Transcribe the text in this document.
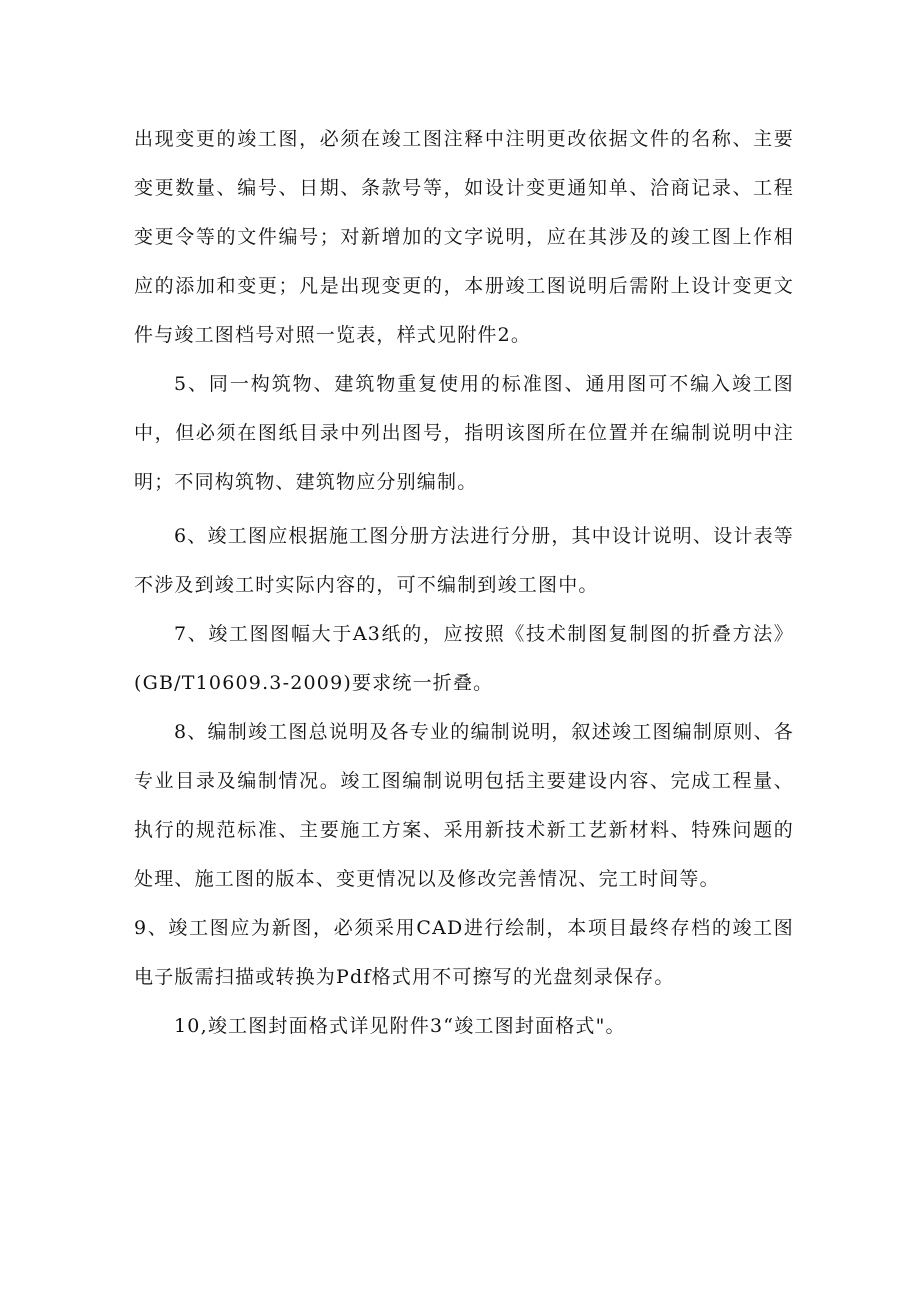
出现变更的竣工图，必须在竣工图注释中注明更改依据文件的名称、主要变更数量、编号、日期、条款号等，如设计变更通知单、洽商记录、工程变更令等的文件编号；对新增加的文字说明，应在其涉及的竣工图上作相应的添加和变更；凡是出现变更的，本册竣工图说明后需附上设计变更文件与竣工图档号对照一览表，样式见附件2。

5、同一构筑物、建筑物重复使用的标准图、通用图可不编入竣工图中，但必须在图纸目录中列出图号，指明该图所在位置并在编制说明中注明；不同构筑物、建筑物应分别编制。

6、竣工图应根据施工图分册方法进行分册，其中设计说明、设计表等不涉及到竣工时实际内容的，可不编制到竣工图中。

7、竣工图图幅大于A3纸的，应按照《技术制图复制图的折叠方法》(GB/T10609.3-2009)要求统一折叠。

8、编制竣工图总说明及各专业的编制说明，叙述竣工图编制原则、各专业目录及编制情况。竣工图编制说明包括主要建设内容、完成工程量、执行的规范标准、主要施工方案、采用新技术新工艺新材料、特殊问题的处理、施工图的版本、变更情况以及修改完善情况、完工时间等。

9、竣工图应为新图，必须采用CAD进行绘制，本项目最终存档的竣工图电子版需扫描或转换为Pdf格式用不可擦写的光盘刻录保存。

10,竣工图封面格式详见附件3“竣工图封面格式"。
